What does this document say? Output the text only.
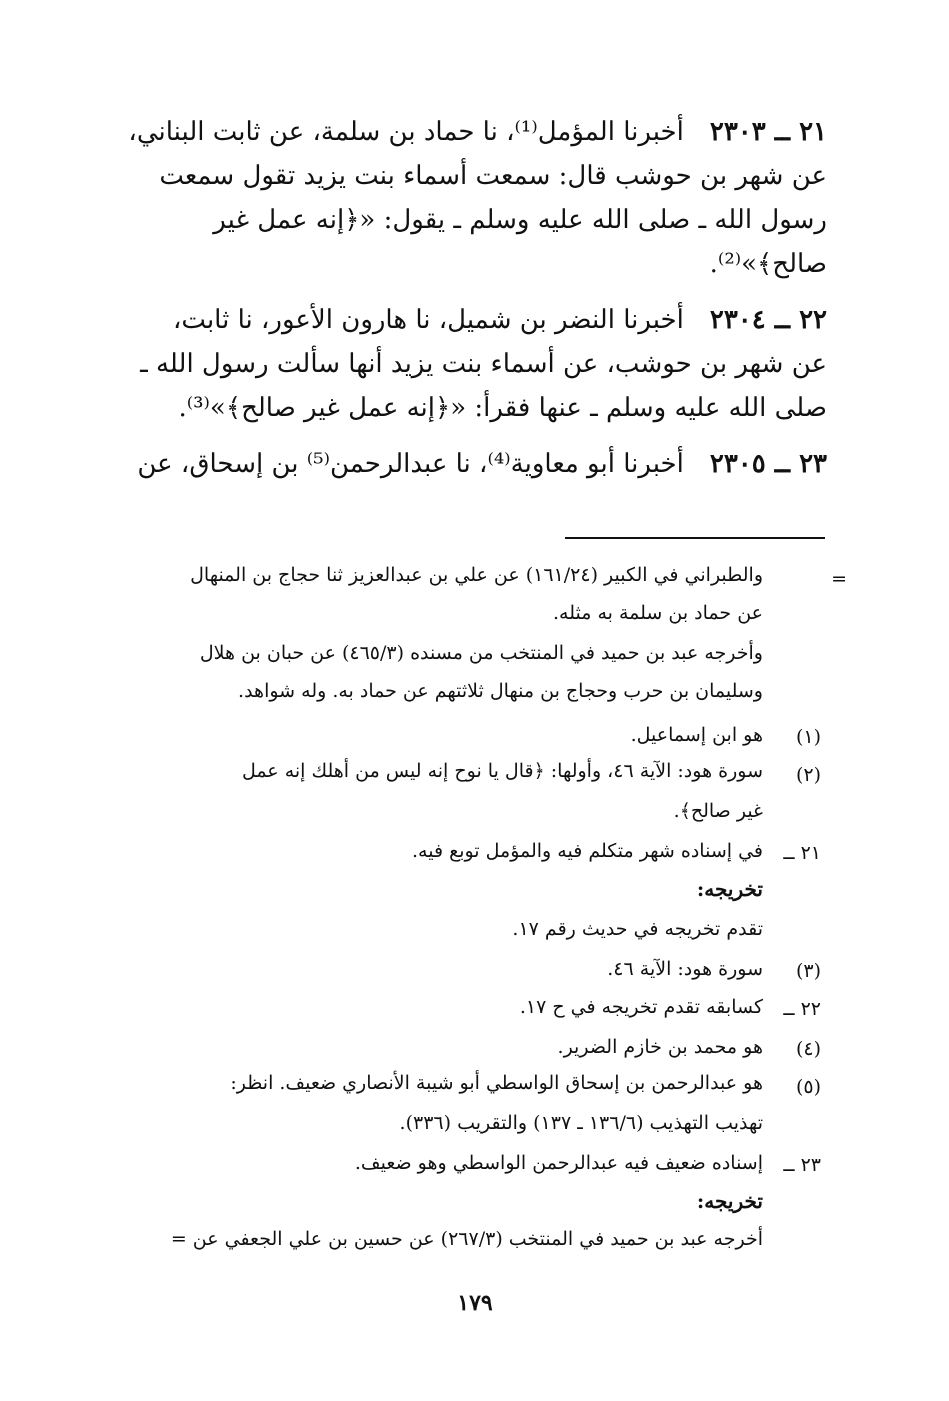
٢١ ــ ٢٣٠٣أخبرنا المؤمل⁽¹⁾، نا حماد بن سلمة، عن ثابت البناني،
عن شهر بن حوشب قال: سمعت أسماء بنت يزيد تقول سمعت
رسول الله ـ صلى الله عليه وسلم ـ يقول: «﴿إنه عمل غير
صالح﴾»⁽²⁾.
٢٢ ــ ٢٣٠٤أخبرنا النضر بن شميل، نا هارون الأعور، نا ثابت،
عن شهر بن حوشب، عن أسماء بنت يزيد أنها سألت رسول الله ـ
صلى الله عليه وسلم ـ عنها فقرأ: «﴿إنه عمل غير صالح﴾»⁽³⁾.
٢٣ ــ ٢٣٠٥أخبرنا أبو معاوية⁽⁴⁾، نا عبدالرحمن⁽⁵⁾ بن إسحاق، عن
=
والطبراني في الكبير (١٦١/٢٤) عن علي بن عبدالعزيز ثنا حجاج بن المنهال
عن حماد بن سلمة به مثله.
وأخرجه عبد بن حميد في المنتخب من مسنده (٤٦٥/٣) عن حبان بن هلال
وسليمان بن حرب وحجاج بن منهال ثلاثتهم عن حماد به. وله شواهد.
(١)
هو ابن إسماعيل.
(٢)
سورة هود: الآية ٤٦، وأولها: ﴿قال يا نوح إنه ليس من أهلك إنه عمل
غير صالح﴾.
٢١ ــ
في إسناده شهر متكلم فيه والمؤمل توبع فيه.
تخريجه:
تقدم تخريجه في حديث رقم ١٧.
(٣)
سورة هود: الآية ٤٦.
٢٢ ــ
كسابقه تقدم تخريجه في ح ١٧.
(٤)
هو محمد بن خازم الضرير.
(٥)
هو عبدالرحمن بن إسحاق الواسطي أبو شيبة الأنصاري ضعيف. انظر:
تهذيب التهذيب (١٣٦/٦ ـ ١٣٧) والتقريب (٣٣٦).
٢٣ ــ
إسناده ضعيف فيه عبدالرحمن الواسطي وهو ضعيف.
تخريجه:
أخرجه عبد بن حميد في المنتخب (٢٦٧/٣) عن حسين بن علي الجعفي عن =
١٧٩
